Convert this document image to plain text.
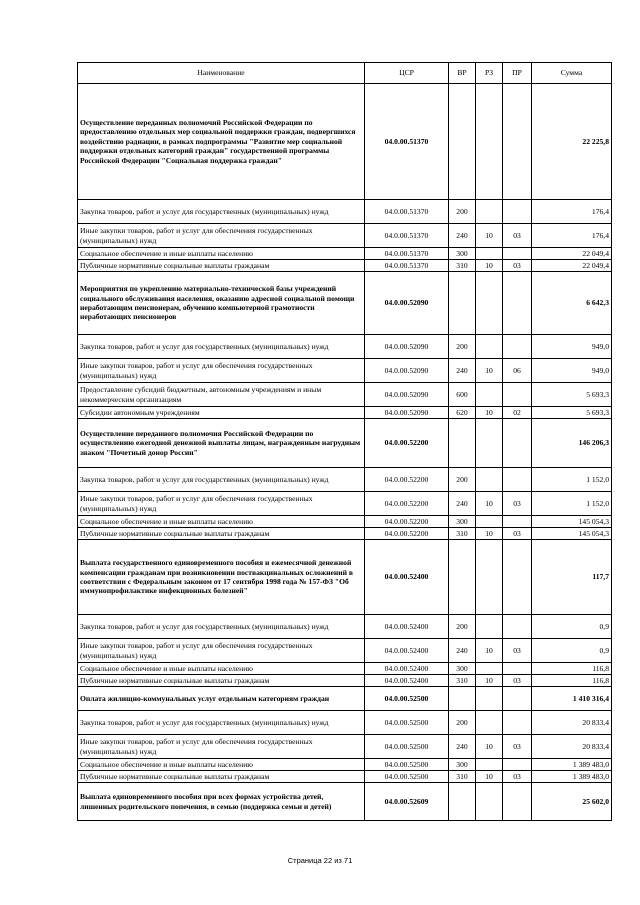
Наименование	ЦСР	ВР	РЗ	ПР	Сумма
Осуществление переданных полномочий Российской Федерации по предоставлению отдельных мер социальной поддержки граждан, подвергшихся воздействию радиации, в рамках подпрограммы "Развитие мер социальной поддержки отдельных категорий граждан" государственной программы Российской Федерации "Социальная поддержка граждан"	04.0.00.51370				22 225,8
Закупка товаров, работ и услуг для государственных (муниципальных) нужд	04.0.00.51370	200			176,4
Иные закупки товаров, работ и услуг для обеспечения государственных (муниципальных) нужд	04.0.00.51370	240	10	03	176,4
Социальное обеспечение и иные выплаты населению	04.0.00.51370	300			22 049,4
Публичные нормативные социальные выплаты гражданам	04.0.00.51370	310	10	03	22 049,4
Мероприятия по укреплению материально-технической базы учреждений социального обслуживания населения, оказанию адресной социальной помощи неработающим пенсионерам, обучению компьютерной грамотности неработающих пенсионеров	04.0.00.52090				6 642,3
Закупка товаров, работ и услуг для государственных (муниципальных) нужд	04.0.00.52090	200			949,0
Иные закупки товаров, работ и услуг для обеспечения государственных (муниципальных) нужд	04.0.00.52090	240	10	06	949,0
Предоставление субсидий бюджетным, автономным учреждениям и иным некоммерческим организациям	04.0.00.52090	600			5 693,3
Субсидии автономным учреждениям	04.0.00.52090	620	10	02	5 693,3
Осуществление переданного полномочия Российской Федерации по осуществлению ежегодной денежной выплаты лицам, награжденным нагрудным знаком "Почетный донор России"	04.0.00.52200				146 206,3
Закупка товаров, работ и услуг для государственных (муниципальных) нужд	04.0.00.52200	200			1 152,0
Иные закупки товаров, работ и услуг для обеспечения государственных (муниципальных) нужд	04.0.00.52200	240	10	03	1 152,0
Социальное обеспечение и иные выплаты населению	04.0.00.52200	300			145 054,3
Публичные нормативные социальные выплаты гражданам	04.0.00.52200	310	10	03	145 054,3
Выплата государственного единовременного пособия и ежемесячной денежной компенсации гражданам при возникновении поствакцинальных осложнений в соответствии с Федеральным законом от 17 сентября 1998 года № 157-ФЗ "Об иммунопрофилактике инфекционных болезней"	04.0.00.52400				117,7
Закупка товаров, работ и услуг для государственных (муниципальных) нужд	04.0.00.52400	200			0,9
Иные закупки товаров, работ и услуг для обеспечения государственных (муниципальных) нужд	04.0.00.52400	240	10	03	0,9
Социальное обеспечение и иные выплаты населению	04.0.00.52400	300			116,8
Публичные нормативные социальные выплаты гражданам	04.0.00.52400	310	10	03	116,8
Оплата жилищно-коммунальных услуг отдельным категориям граждан	04.0.00.52500				1 410 316,4
Закупка товаров, работ и услуг для государственных (муниципальных) нужд	04.0.00.52500	200			20 833,4
Иные закупки товаров, работ и услуг для обеспечения государственных (муниципальных) нужд	04.0.00.52500	240	10	03	20 833,4
Социальное обеспечение и иные выплаты населению	04.0.00.52500	300			1 389 483,0
Публичные нормативные социальные выплаты гражданам	04.0.00.52500	310	10	03	1 389 483,0
Выплата единовременного пособия при всех формах устройства детей, лишенных родительского попечения, в семью (поддержка семьи и детей)	04.0.00.52609				25 602,0
Страница 22 из 71
